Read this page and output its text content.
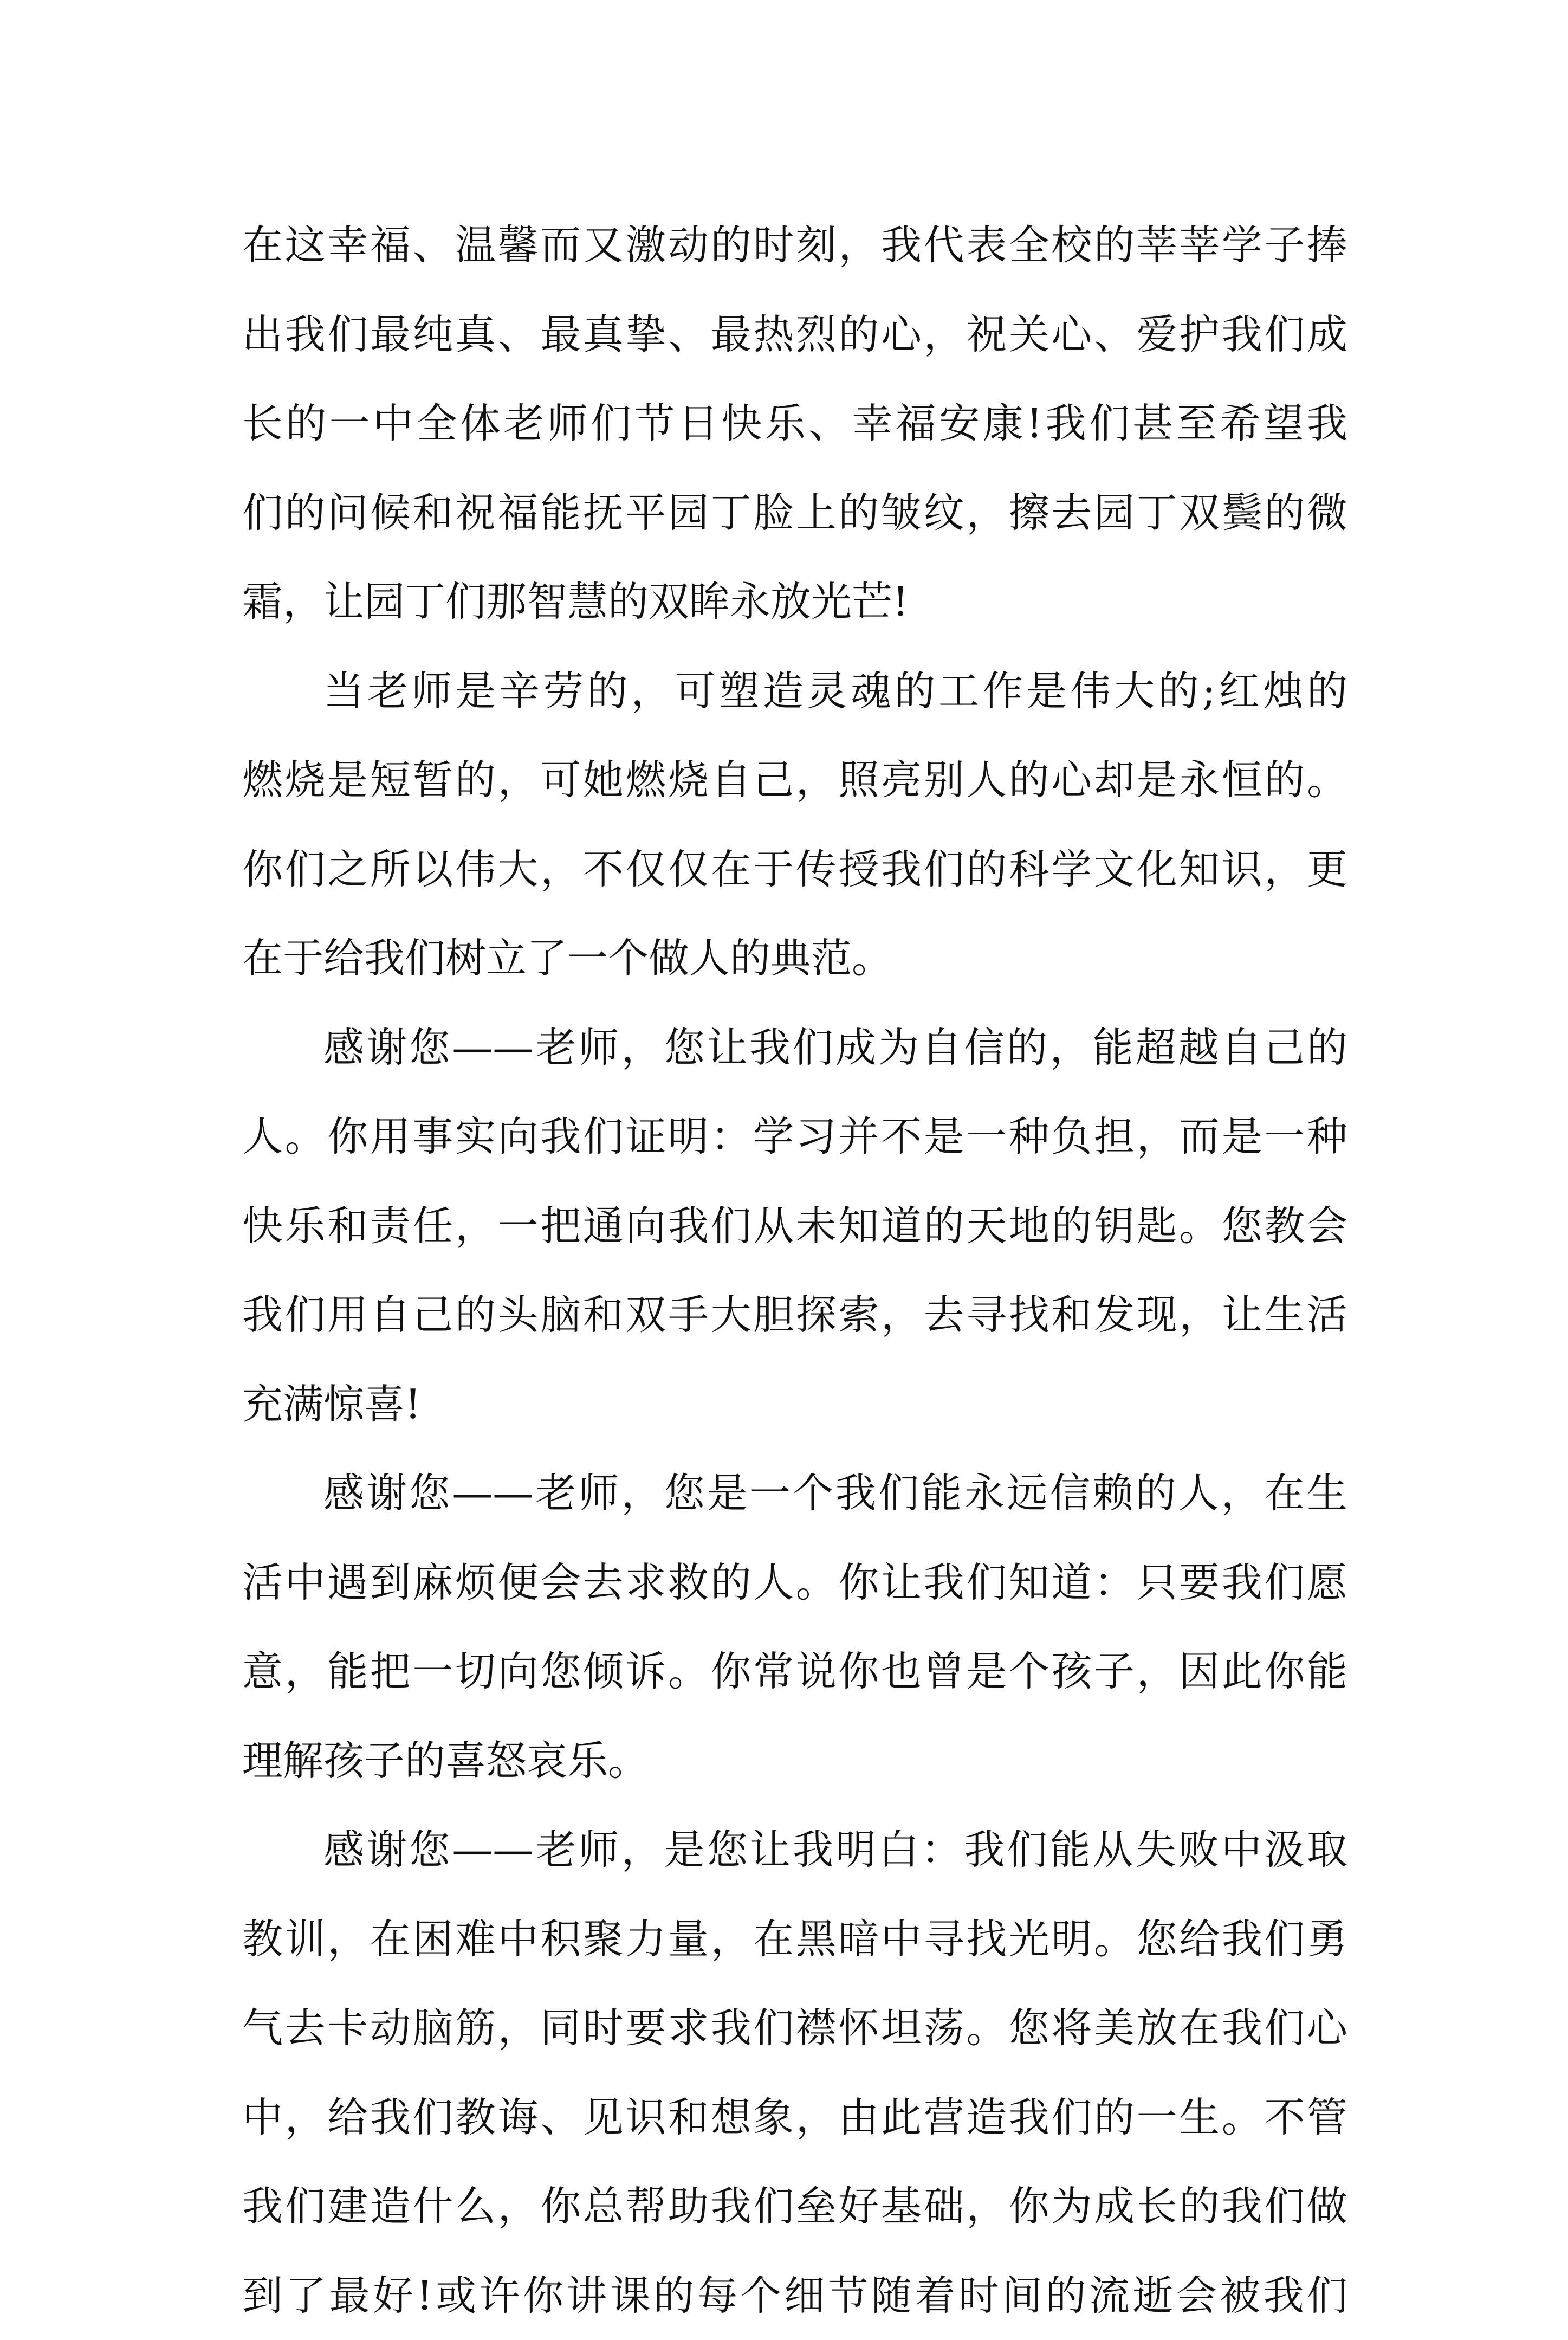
在这幸福、温馨而又激动的时刻，我代表全校的莘莘学子捧
出我们最纯真、最真挚、最热烈的心，祝关心、爱护我们成
长的一中全体老师们节日快乐、幸福安康!我们甚至希望我
们的问候和祝福能抚平园丁脸上的皱纹，擦去园丁双鬓的微
霜，让园丁们那智慧的双眸永放光芒!
当老师是辛劳的，可塑造灵魂的工作是伟大的;红烛的
燃烧是短暂的，可她燃烧自己，照亮别人的心却是永恒的。
你们之所以伟大，不仅仅在于传授我们的科学文化知识，更
在于给我们树立了一个做人的典范。
感谢您——老师，您让我们成为自信的，能超越自己的
人。你用事实向我们证明：学习并不是一种负担，而是一种
快乐和责任，一把通向我们从未知道的天地的钥匙。您教会
我们用自己的头脑和双手大胆探索，去寻找和发现，让生活
充满惊喜!
感谢您——老师，您是一个我们能永远信赖的人，在生
活中遇到麻烦便会去求救的人。你让我们知道：只要我们愿
意，能把一切向您倾诉。你常说你也曾是个孩子，因此你能
理解孩子的喜怒哀乐。
感谢您——老师，是您让我明白：我们能从失败中汲取
教训，在困难中积聚力量，在黑暗中寻找光明。您给我们勇
气去卡动脑筋，同时要求我们襟怀坦荡。您将美放在我们心
中，给我们教诲、见识和想象，由此营造我们的一生。不管
我们建造什么，你总帮助我们垒好基础，你为成长的我们做
到了最好!或许你讲课的每个细节随着时间的流逝会被我们
